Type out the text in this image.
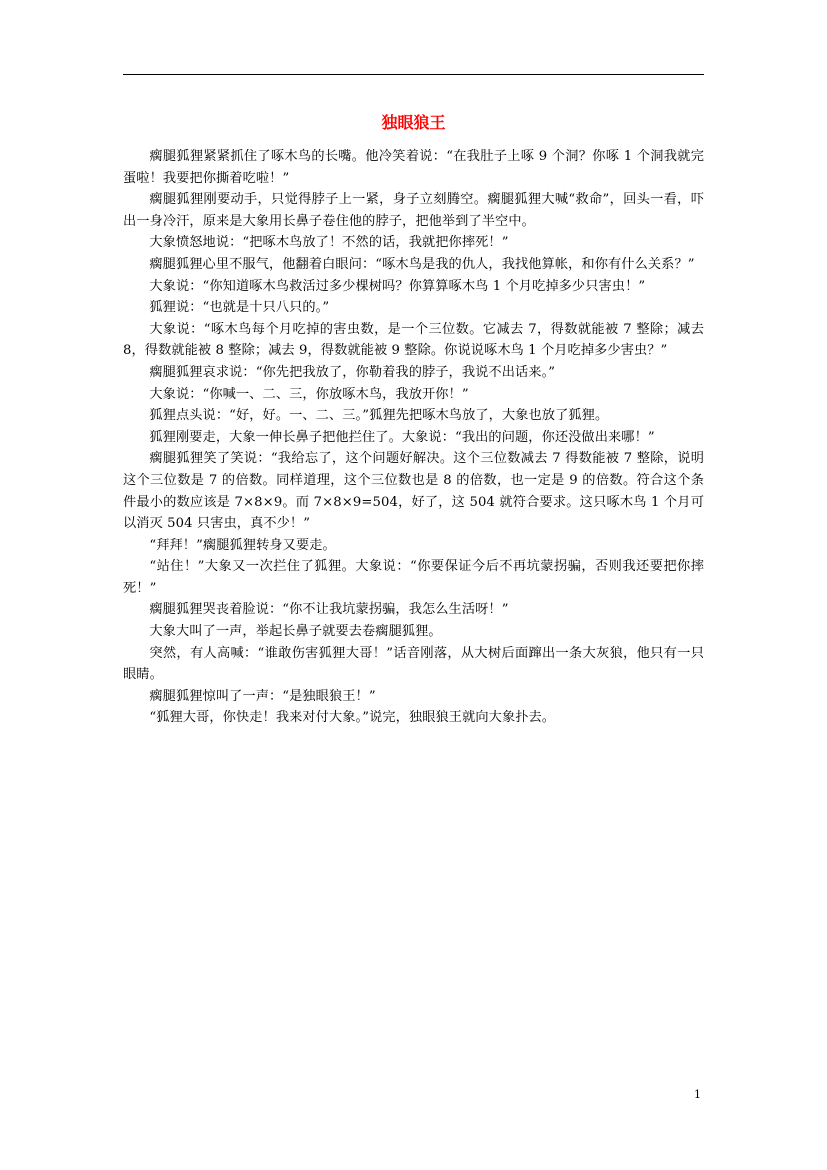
独眼狼王

瘸腿狐狸紧紧抓住了啄木鸟的长嘴。他冷笑着说：“在我肚子上啄 9 个洞？你啄 1 个洞我就完蛋啦！我要把你撕着吃啦！”

瘸腿狐狸刚要动手，只觉得脖子上一紧，身子立刻腾空。瘸腿狐狸大喊“救命”，回头一看，吓出一身冷汗，原来是大象用长鼻子卷住他的脖子，把他举到了半空中。

大象愤怒地说：“把啄木鸟放了！不然的话，我就把你摔死！”

瘸腿狐狸心里不服气，他翻着白眼问：“啄木鸟是我的仇人，我找他算帐，和你有什么关系？”

大象说：“你知道啄木鸟救活过多少棵树吗？你算算啄木鸟 1 个月吃掉多少只害虫！”

狐狸说：“也就是十只八只的。”

大象说：“啄木鸟每个月吃掉的害虫数，是一个三位数。它减去 7，得数就能被 7 整除；减去 8，得数就能被 8 整除；减去 9，得数就能被 9 整除。你说说啄木鸟 1 个月吃掉多少害虫？”

瘸腿狐狸哀求说：“你先把我放了，你勒着我的脖子，我说不出话来。”

大象说：“你喊一、二、三，你放啄木鸟，我放开你！”

狐狸点头说：“好，好。一、二、三。”狐狸先把啄木鸟放了，大象也放了狐狸。

狐狸刚要走，大象一伸长鼻子把他拦住了。大象说：“我出的问题，你还没做出来哪！”

瘸腿狐狸笑了笑说：“我给忘了，这个问题好解决。这个三位数减去 7 得数能被 7 整除，说明这个三位数是 7 的倍数。同样道理，这个三位数也是 8 的倍数，也一定是 9 的倍数。符合这个条件最小的数应该是 7×8×9。而 7×8×9=504，好了，这 504 就符合要求。这只啄木鸟 1 个月可以消灭 504 只害虫，真不少！”

“拜拜！”瘸腿狐狸转身又要走。

“站住！”大象又一次拦住了狐狸。大象说：“你要保证今后不再坑蒙拐骗，否则我还要把你摔死！”

瘸腿狐狸哭丧着脸说：“你不让我坑蒙拐骗，我怎么生活呀！”

大象大叫了一声，举起长鼻子就要去卷瘸腿狐狸。

突然，有人高喊：“谁敢伤害狐狸大哥！”话音刚落，从大树后面蹿出一条大灰狼，他只有一只眼睛。

瘸腿狐狸惊叫了一声：“是独眼狼王！”

“狐狸大哥，你快走！我来对付大象。”说完，独眼狼王就向大象扑去。

1
